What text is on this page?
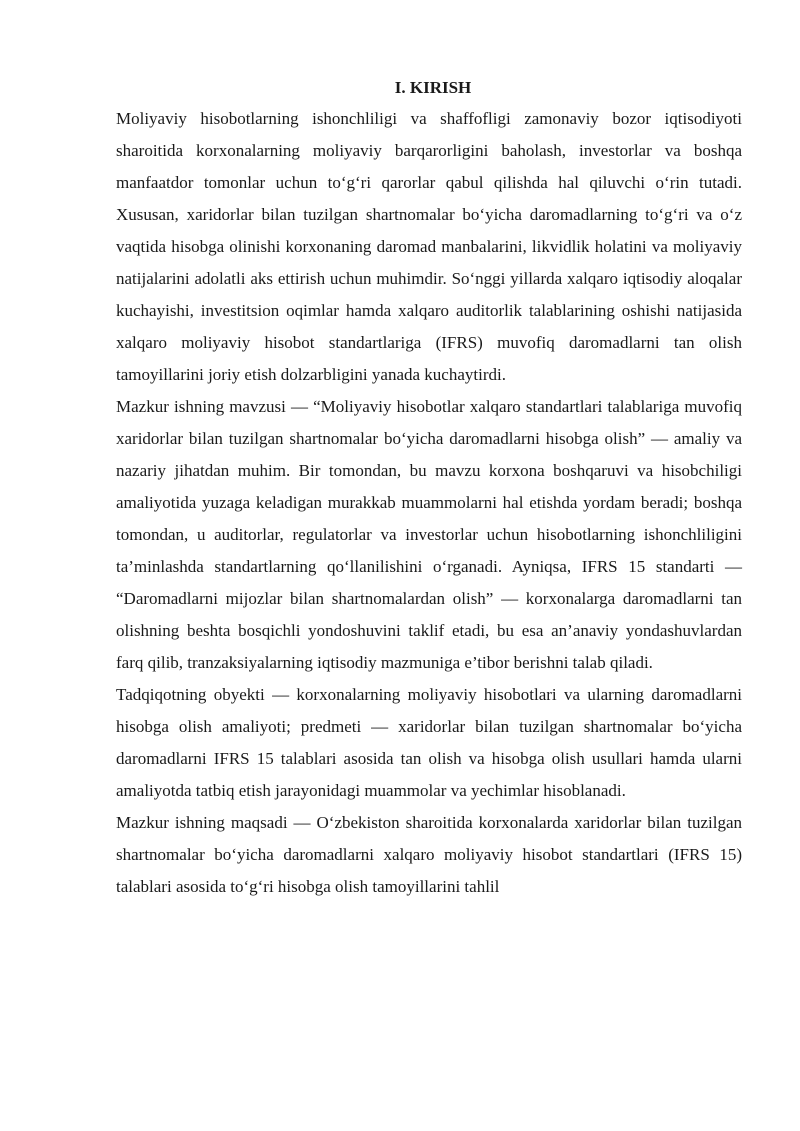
I. KIRISH

Moliyaviy hisobotlarning ishonchliligi va shaffofligi zamonaviy bozor iqtisodiyoti sharoitida korxonalarning moliyaviy barqarorligini baholash, investorlar va boshqa manfaatdor tomonlar uchun to‘g‘ri qarorlar qabul qilishda hal qiluvchi o‘rin tutadi. Xususan, xaridorlar bilan tuzilgan shartnomalar bo‘yicha daromadlarning to‘g‘ri va o‘z vaqtida hisobga olinishi korxonaning daromad manbalarini, likvidlik holatini va moliyaviy natijalarini adolatli aks ettirish uchun muhimdir. So‘nggi yillarda xalqaro iqtisodiy aloqalar kuchayishi, investitsion oqimlar hamda xalqaro auditorlik talablarining oshishi natijasida xalqaro moliyaviy hisobot standartlariga (IFRS) muvofiq daromadlarni tan olish tamoyillarini joriy etish dolzarbligini yanada kuchaytirdi.

Mazkur ishning mavzusi — “Moliyaviy hisobotlar xalqaro standartlari talablariga muvofiq xaridorlar bilan tuzilgan shartnomalar bo‘yicha daromadlarni hisobga olish” — amaliy va nazariy jihatdan muhim. Bir tomondan, bu mavzu korxona boshqaruvi va hisobchiligi amaliyotida yuzaga keladigan murakkab muammolarni hal etishda yordam beradi; boshqa tomondan, u auditorlar, regulatorlar va investorlar uchun hisobotlarning ishonchliligini ta’minlashda standartlarning qo‘llanilishini o‘rganadi. Ayniqsa, IFRS 15 standarti — “Daromadlarni mijozlar bilan shartnomalardan olish” — korxonalarga daromadlarni tan olishning beshta bosqichli yondoshuvini taklif etadi, bu esa an’anaviy yondashuvlardan farq qilib, tranzaksiyalarning iqtisodiy mazmuniga e’tibor berishni talab qiladi.

Tadqiqotning obyekti — korxonalarning moliyaviy hisobotlari va ularning daromadlarni hisobga olish amaliyoti; predmeti — xaridorlar bilan tuzilgan shartnomalar bo‘yicha daromadlarni IFRS 15 talablari asosida tan olish va hisobga olish usullari hamda ularni amaliyotda tatbiq etish jarayonidagi muammolar va yechimlar hisoblanadi.

Mazkur ishning maqsadi — O‘zbekiston sharoitida korxonalarda xaridorlar bilan tuzilgan shartnomalar bo‘yicha daromadlarni xalqaro moliyaviy hisobot standartlari (IFRS 15) talablari asosida to‘g‘ri hisobga olish tamoyillarini tahlil
